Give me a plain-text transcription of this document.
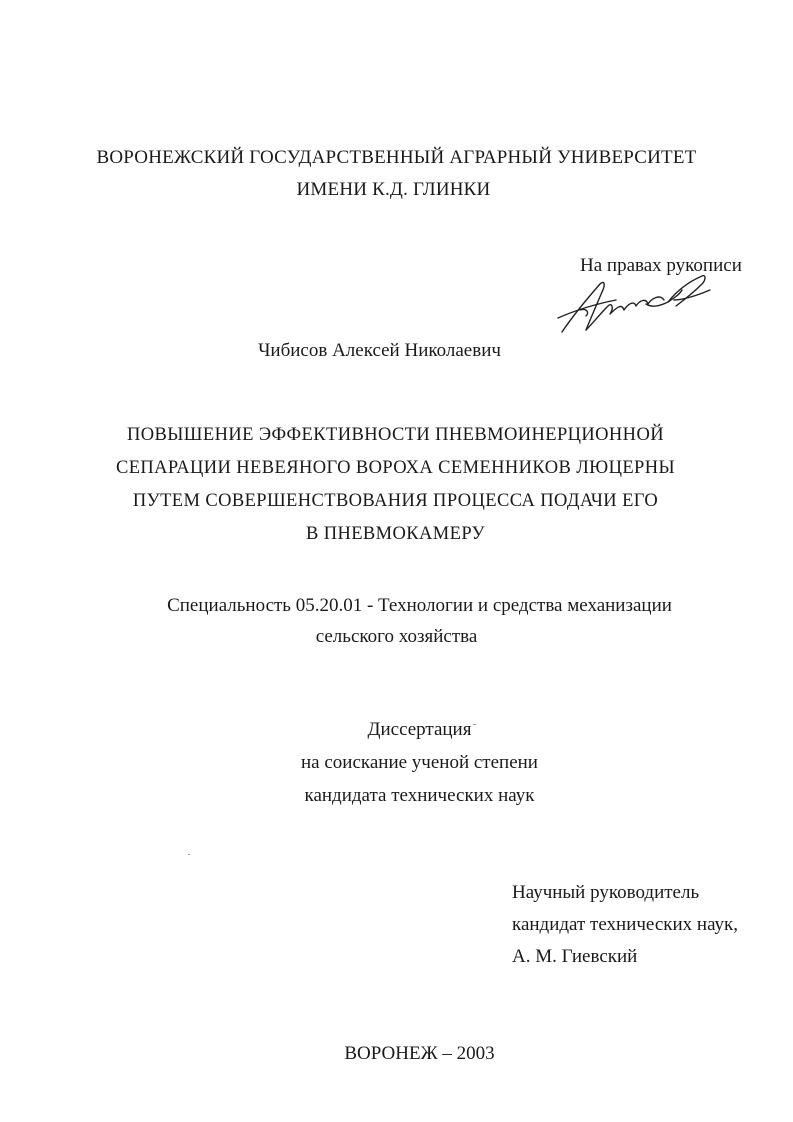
ВОРОНЕЖСКИЙ ГОСУДАРСТВЕННЫЙ АГРАРНЫЙ УНИВЕРСИТЕТ
ИМЕНИ К.Д. ГЛИНКИ
На правах рукописи
Чибисов Алексей Николаевич
ПОВЫШЕНИЕ ЭФФЕКТИВНОСТИ ПНЕВМОИНЕРЦИОННОЙ
СЕПАРАЦИИ НЕВЕЯНОГО ВОРОХА СЕМЕННИКОВ ЛЮЦЕРНЫ
ПУТЕМ СОВЕРШЕНСТВОВАНИЯ ПРОЦЕССА ПОДАЧИ ЕГО
В ПНЕВМОКАМЕРУ
Специальность 05.20.01 - Технологии и средства механизации
сельского хозяйства
Диссертация
на соискание ученой степени
кандидата технических наук
Научный руководитель
кандидат технических наук,
А. М. Гиевский
ВОРОНЕЖ – 2003
